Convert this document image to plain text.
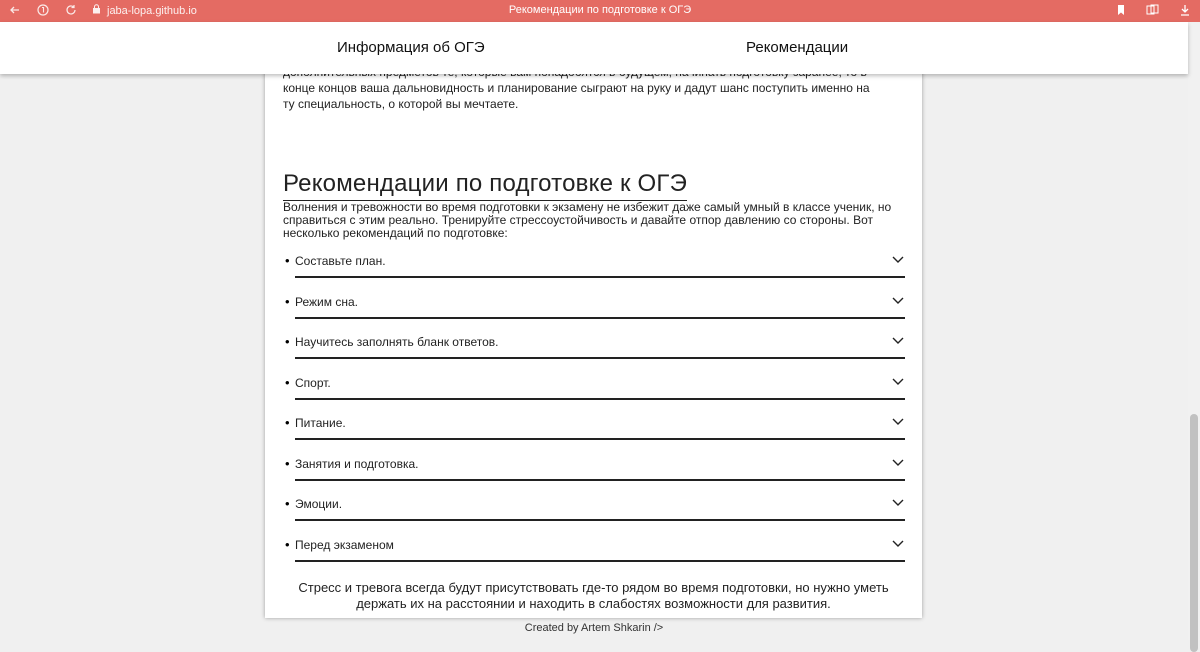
jaba-lopa.github.io	Рекомендации по подготовке к ОГЭ
Информация об ОГЭ	Рекомендации

конце концов ваша дальновидность и планирование сыграют на руку и дадут шанс поступить именно на ту специальность, о которой вы мечтаете.

Рекомендации по подготовке к ОГЭ

Волнения и тревожности во время подготовки к экзамену не избежит даже самый умный в классе ученик, но справиться с этим реально. Тренируйте стрессоустойчивость и давайте отпор давлению со стороны. Вот несколько рекомендаций по подготовке:

• Составьте план.
• Режим сна.
• Научитесь заполнять бланк ответов.
• Спорт.
• Питание.
• Занятия и подготовка.
• Эмоции.
• Перед экзаменом

Стресс и тревога всегда будут присутствовать где-то рядом во время подготовки, но нужно уметь держать их на расстоянии и находить в слабостях возможности для развития.

Created by Artem Shkarin />
